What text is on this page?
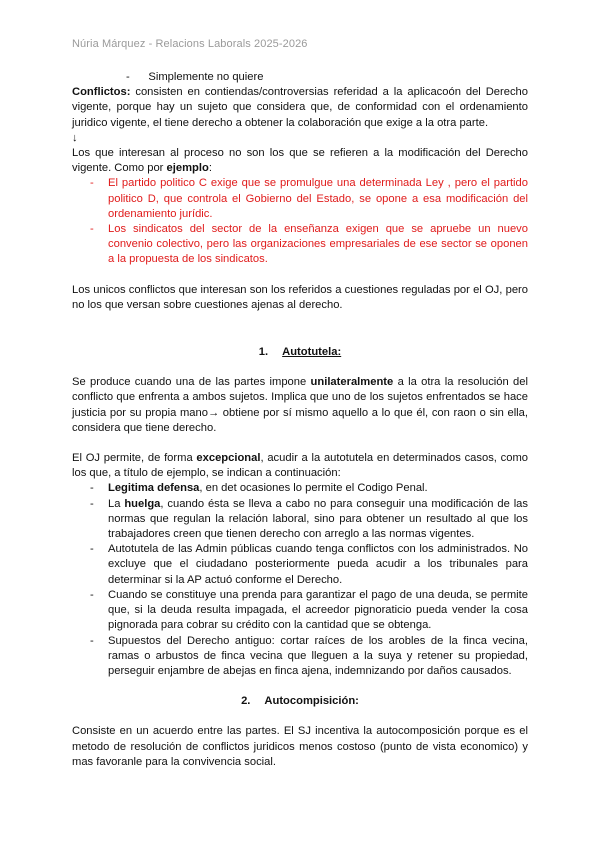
Núria Márquez - Relacions Laborals 2025-2026

-      Simplemente no quiere

Conflictos: consisten en contiendas/controversias referidad a la aplicacoón del Derecho vigente, porque hay un sujeto que considera que, de conformidad con el ordenamiento juridico vigente, el tiene derecho a obtener la colaboración que exige a la otra parte.

↓

Los que interesan al proceso no son los que se refieren a la modificación del Derecho vigente. Como por ejemplo:

- El partido politico C exige que se promulgue una determinada Ley , pero el partido politico D, que controla el Gobierno del Estado, se opone a esa modificación del ordenamiento jurídic.
- Los sindicatos del sector de la enseñanza exigen que se apruebe un nuevo convenio colectivo, pero las organizaciones empresariales de ese sector se oponen a la propuesta de los sindicatos.

Los unicos conflictos que interesan son los referidos a cuestiones reguladas por el OJ, pero no los que versan sobre cuestiones ajenas al derecho.

1. Autotutela:

Se produce cuando una de las partes impone unilateralmente a la otra la resolución del conflicto que enfrenta a ambos sujetos. Implica que uno de los sujetos enfrentados se hace justicia por su propia mano→ obtiene por sí mismo aquello a lo que él, con raon o sin ella, considera que tiene derecho.

El OJ permite, de forma excepcional, acudir a la autotutela en determinados casos, como los que, a título de ejemplo, se indican a continuación:

- Legitima defensa, en det ocasiones lo permite el Codigo Penal.
- La huelga, cuando ésta se lleva a cabo no para conseguir una modificación de las normas que regulan la relación laboral, sino para obtener un resultado al que los trabajadores creen que tienen derecho con arreglo a las normas vigentes.
- Autotutela de las Admin públicas cuando tenga conflictos con los administrados. No excluye que el ciudadano posteriormente pueda acudir a los tribunales para determinar si la AP actuó conforme el Derecho.
- Cuando se constituye una prenda para garantizar el pago de una deuda, se permite que, si la deuda resulta impagada, el acreedor pignoraticio pueda vender la cosa pignorada para cobrar su crédito con la cantidad que se obtenga.
- Supuestos del Derecho antiguo: cortar raíces de los arobles de la finca vecina, ramas o arbustos de finca vecina que lleguen a la suya y retener su propiedad, perseguir enjambre de abejas en finca ajena, indemnizando por daños causados.

2. Autocompisición:

Consiste en un acuerdo entre las partes. El SJ incentiva la autocomposición porque es el metodo de resolución de conflictos juridicos menos costoso (punto de vista economico) y mas favoranle para la convivencia social.
